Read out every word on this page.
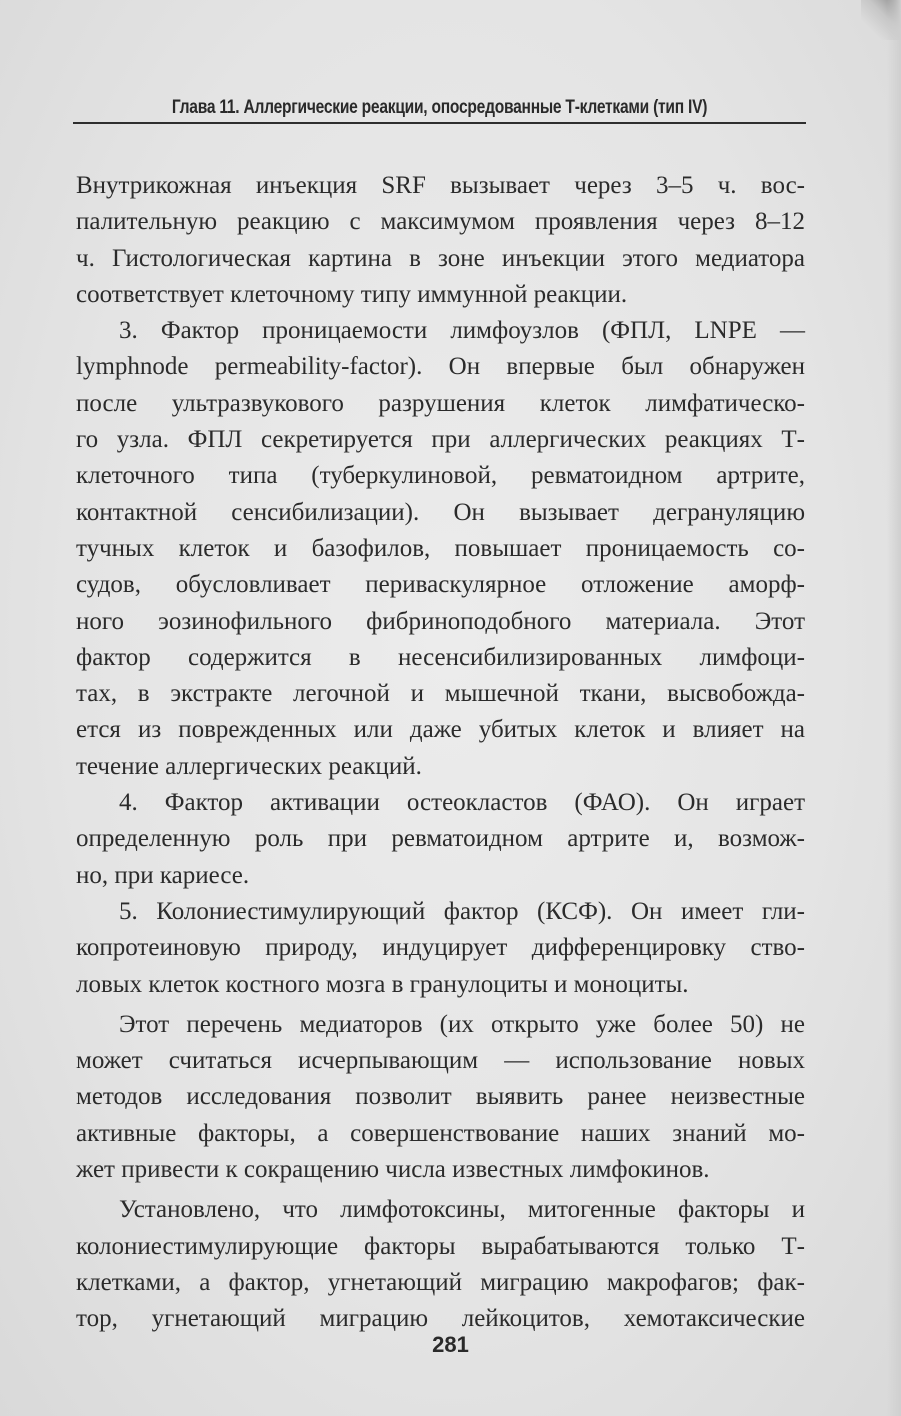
Глава 11. Аллергические реакции, опосредованные Т-клетками (тип IV)
Внутрикожная инъекция SRF вызывает через 3–5 ч. вос-
палительную реакцию с максимумом проявления через 8–12
ч. Гистологическая картина в зоне инъекции этого медиатора
соответствует клеточному типу иммунной реакции.
3. Фактор проницаемости лимфоузлов (ФПЛ, LNPE —
lymphnode permeability-factor). Он впервые был обнаружен
после ультразвукового разрушения клеток лимфатическо-
го узла. ФПЛ секретируется при аллергических реакциях Т-
клеточного типа (туберкулиновой, ревматоидном артрите,
контактной сенсибилизации). Он вызывает дегрануляцию
тучных клеток и базофилов, повышает проницаемость со-
судов, обусловливает периваскулярное отложение аморф-
ного эозинофильного фибриноподобного материала. Этот
фактор содержится в несенсибилизированных лимфоци-
тах, в экстракте легочной и мышечной ткани, высвобожда-
ется из поврежденных или даже убитых клеток и влияет на
течение аллергических реакций.
4. Фактор активации остеокластов (ФАО). Он играет
определенную роль при ревматоидном артрите и, возмож-
но, при кариесе.
5. Колониестимулирующий фактор (КСФ). Он имеет гли-
копротеиновую природу, индуцирует дифференцировку ство-
ловых клеток костного мозга в гранулоциты и моноциты.
Этот перечень медиаторов (их открыто уже более 50) не
может считаться исчерпывающим — использование новых
методов исследования позволит выявить ранее неизвестные
активные факторы, а совершенствование наших знаний мо-
жет привести к сокращению числа известных лимфокинов.
Установлено, что лимфотоксины, митогенные факторы и
колониестимулирующие факторы вырабатываются только Т-
клетками, а фактор, угнетающий миграцию макрофагов; фак-
тор, угнетающий миграцию лейкоцитов, хемотаксические
281
